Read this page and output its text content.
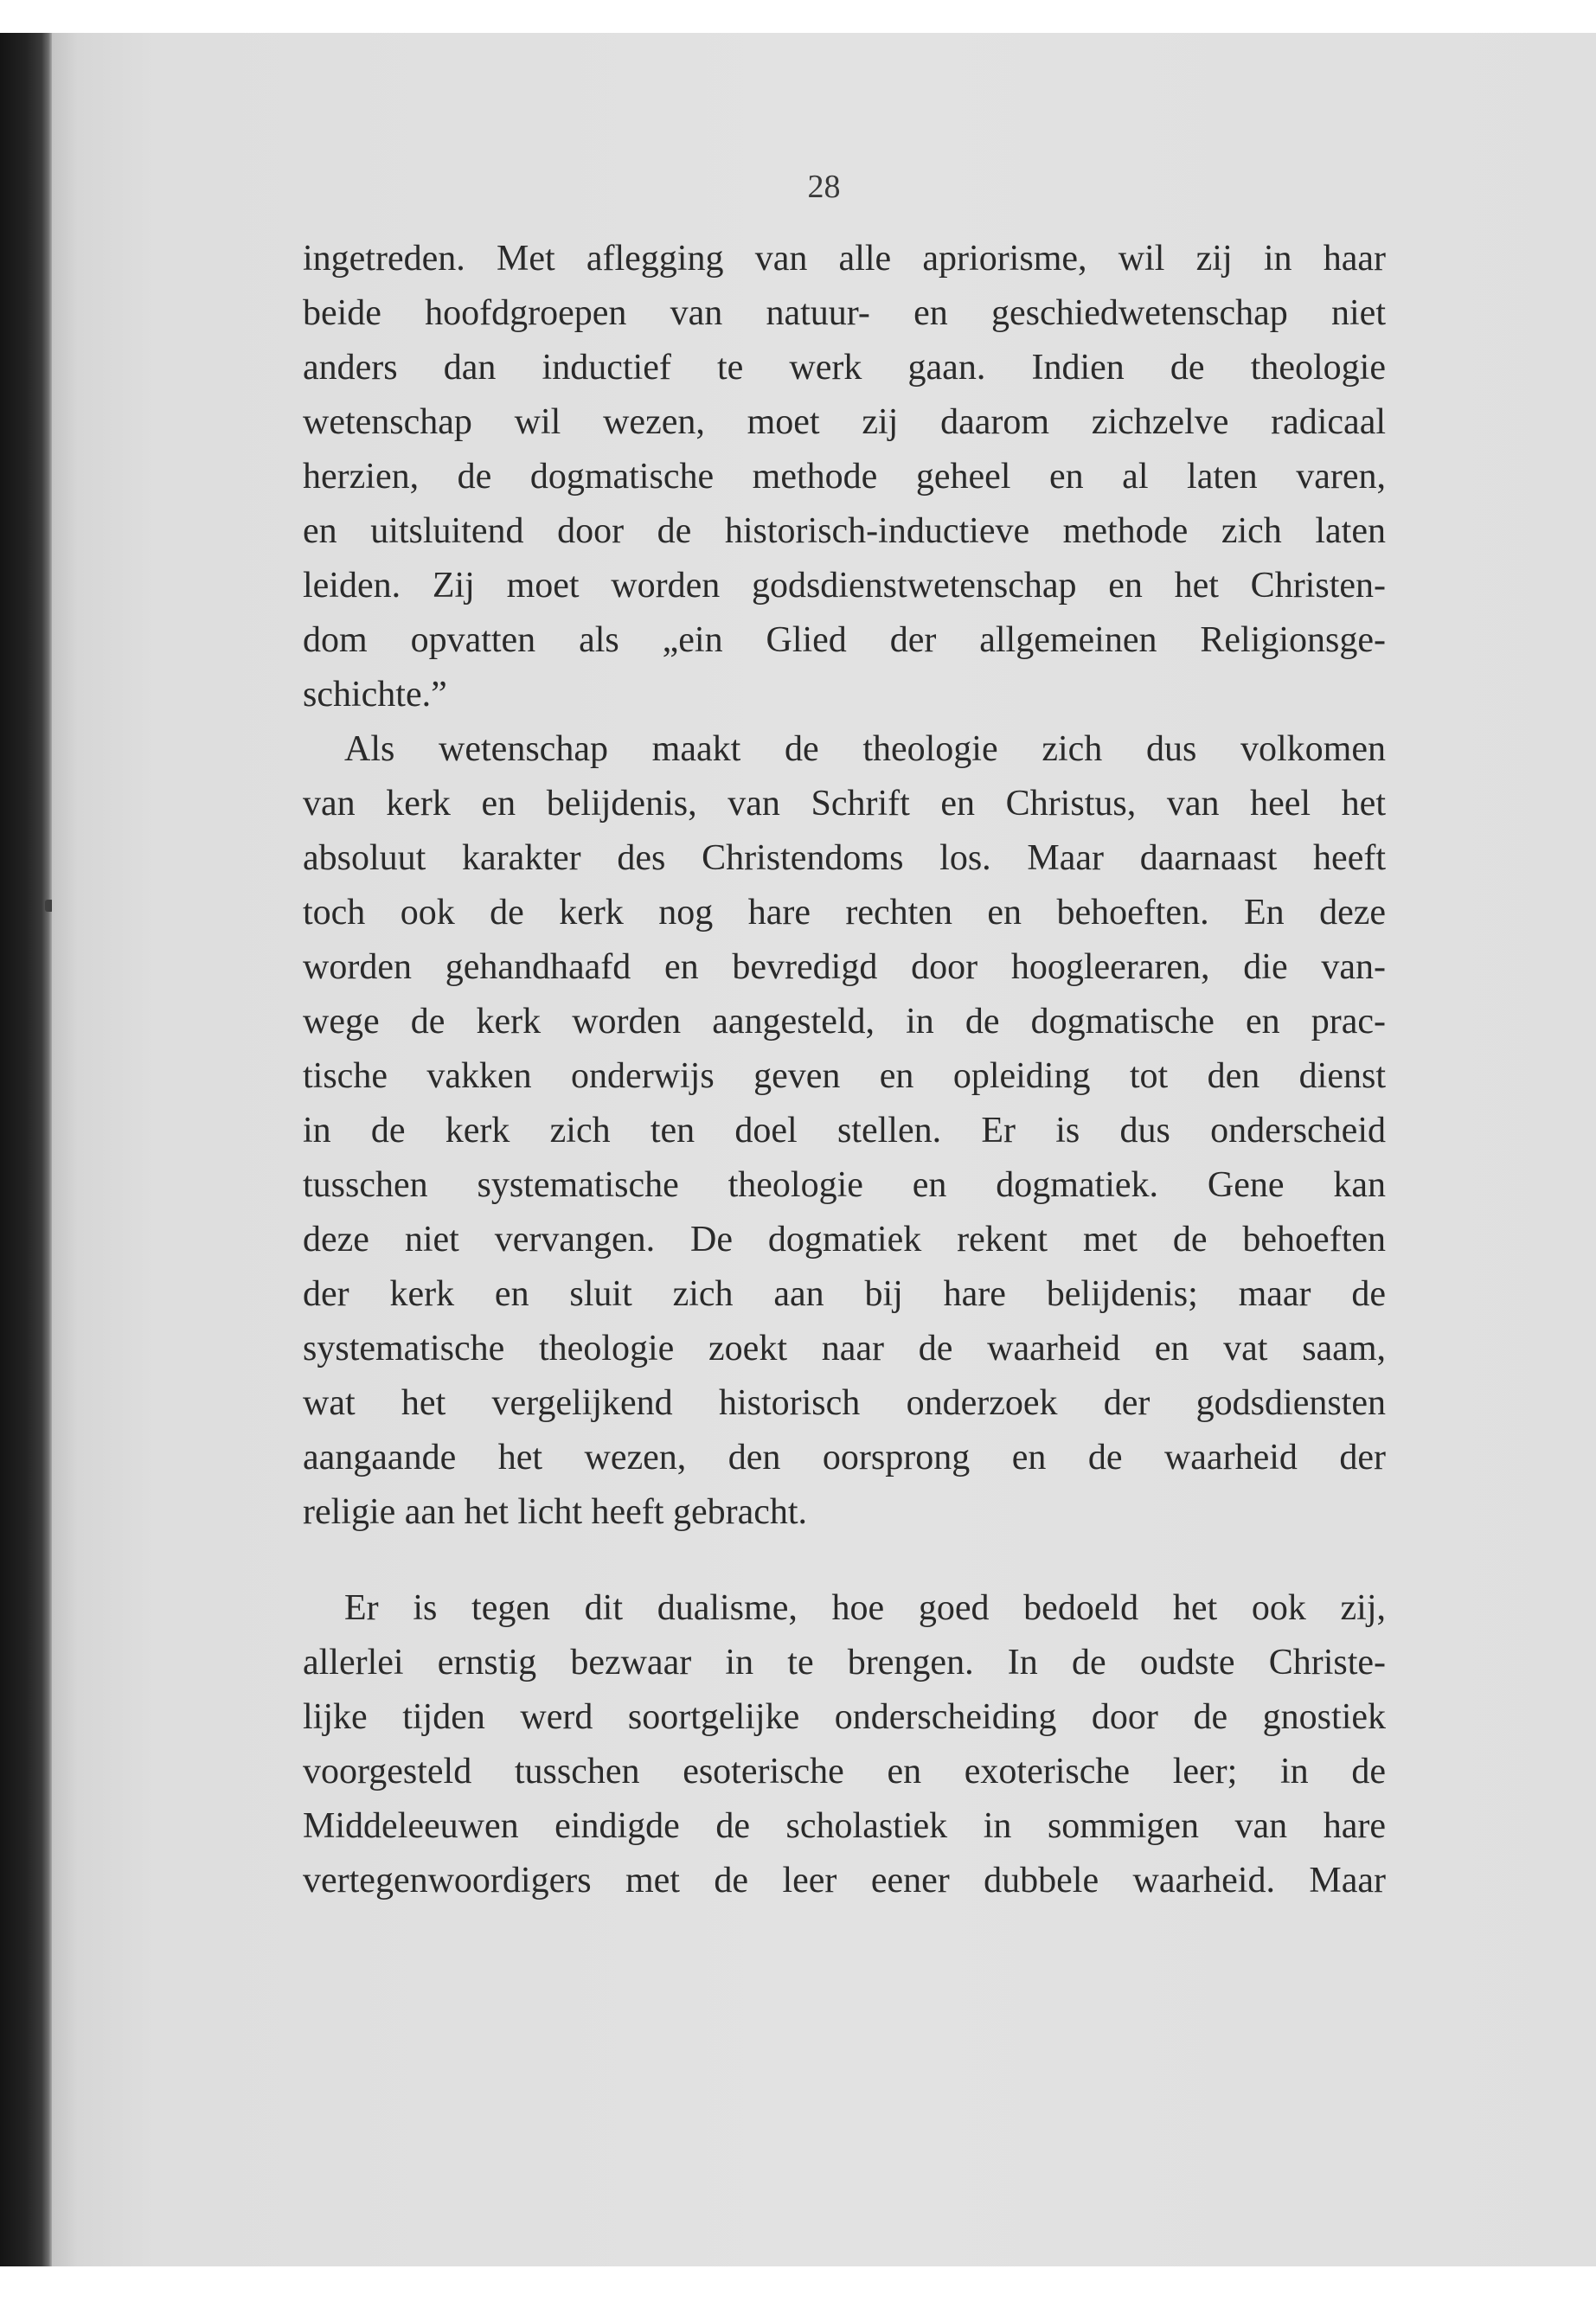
28

ingetreden. Met aflegging van alle apriorisme, wil zij in haar
beide hoofdgroepen van natuur- en geschiedwetenschap niet
anders dan inductief te werk gaan. Indien de theologie
wetenschap wil wezen, moet zij daarom zichzelve radicaal
herzien, de dogmatische methode geheel en al laten varen,
en uitsluitend door de historisch-inductieve methode zich laten
leiden. Zij moet worden godsdienstwetenschap en het Christen-
dom opvatten als „ein Glied der allgemeinen Religionsge-
schichte.”

Als wetenschap maakt de theologie zich dus volkomen
van kerk en belijdenis, van Schrift en Christus, van heel het
absoluut karakter des Christendoms los. Maar daarnaast heeft
toch ook de kerk nog hare rechten en behoeften. En deze
worden gehandhaafd en bevredigd door hoogleeraren, die van-
wege de kerk worden aangesteld, in de dogmatische en prac-
tische vakken onderwijs geven en opleiding tot den dienst
in de kerk zich ten doel stellen. Er is dus onderscheid
tusschen systematische theologie en dogmatiek. Gene kan
deze niet vervangen. De dogmatiek rekent met de behoeften
der kerk en sluit zich aan bij hare belijdenis; maar de
systematische theologie zoekt naar de waarheid en vat saam,
wat het vergelijkend historisch onderzoek der godsdiensten
aangaande het wezen, den oorsprong en de waarheid der
religie aan het licht heeft gebracht.

Er is tegen dit dualisme, hoe goed bedoeld het ook zij,
allerlei ernstig bezwaar in te brengen. In de oudste Christe-
lijke tijden werd soortgelijke onderscheiding door de gnostiek
voorgesteld tusschen esoterische en exoterische leer; in de
Middeleeuwen eindigde de scholastiek in sommigen van hare
vertegenwoordigers met de leer eener dubbele waarheid. Maar
